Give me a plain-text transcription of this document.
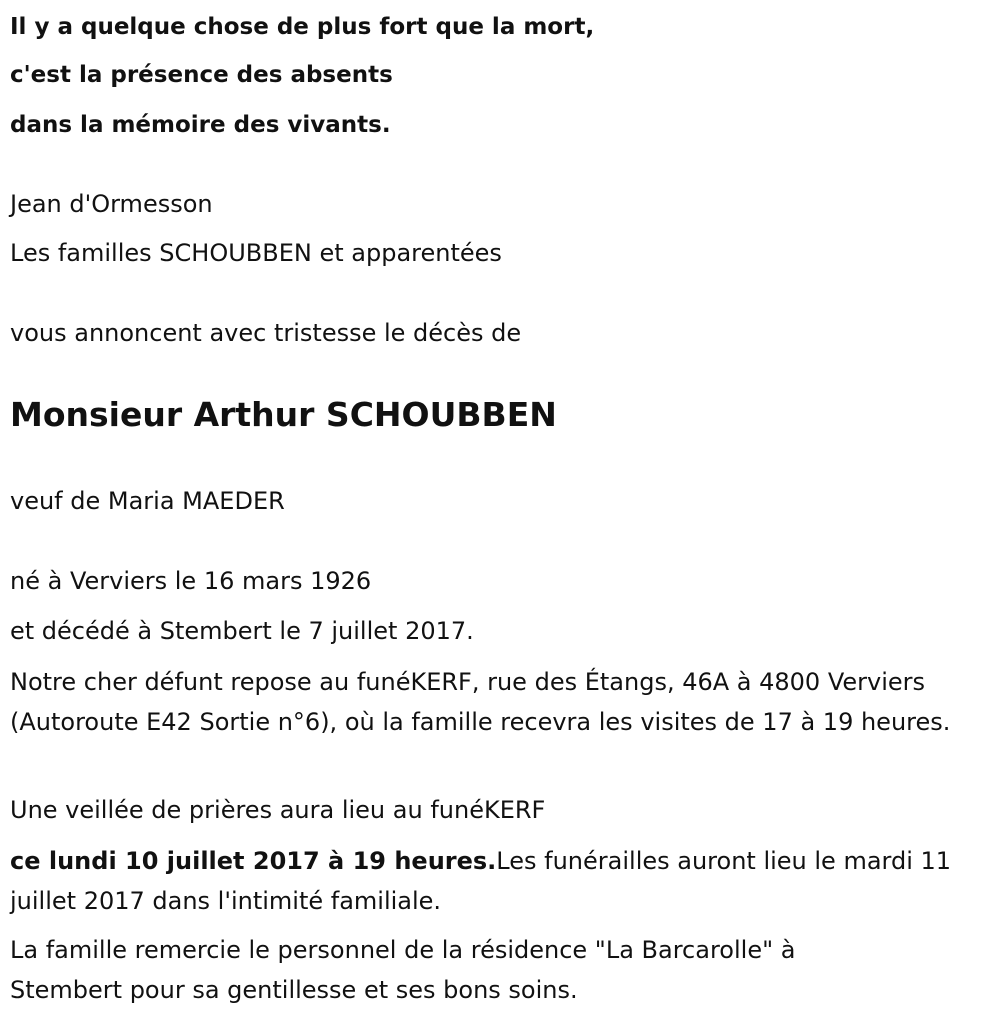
Il y a quelque chose de plus fort que la mort,

c'est la présence des absents

dans la mémoire des vivants.

Jean d'Ormesson

Les familles SCHOUBBEN et apparentées

vous annoncent avec tristesse le décès de

Monsieur Arthur SCHOUBBEN

veuf de Maria MAEDER

né à Verviers le 16 mars 1926

et décédé à Stembert le 7 juillet 2017.

Notre cher défunt repose au funéKERF, rue des Étangs, 46A à 4800 Verviers (Autoroute E42 Sortie n°6), où la famille recevra les visites de 17 à 19 heures.

Une veillée de prières aura lieu au funéKERF

ce lundi 10 juillet 2017 à 19 heures.Les funérailles auront lieu le mardi 11 juillet 2017 dans l'intimité familiale.

La famille remercie le personnel de la résidence "La Barcarolle" à Stembert pour sa gentillesse et ses bons soins.
